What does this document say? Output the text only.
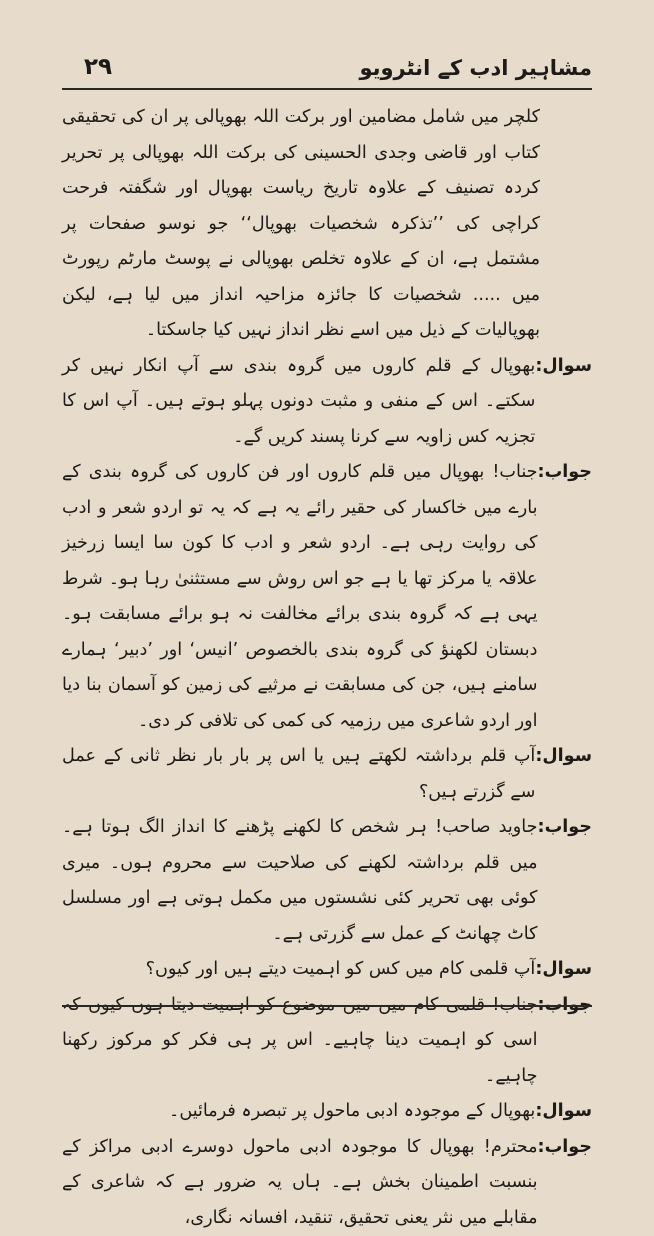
مشاہیر ادب کے انٹرویو
۲۹

کلچر میں شامل مضامین اور برکت اللہ بھوپالی پر ان کی تحقیقی کتاب اور قاضی وجدی الحسینی کی برکت اللہ بھوپالی پر تحریر کردہ تصنیف کے علاوہ تاریخ ریاست بھوپال اور شگفتہ فرحت کراچی کی ’’تذکرہ شخصیات بھوپال‘‘ جو نوسو صفحات پر مشتمل ہے، ان کے علاوہ تخلص بھوپالی نے پوسٹ مارٹم رپورٹ میں ..... شخصیات کا جائزہ مزاحیہ انداز میں لیا ہے، لیکن بھوپالیات کے ذیل میں اسے نظر انداز نہیں کیا جاسکتا۔

سوال:
بھوپال کے قلم کاروں میں گروہ بندی سے آپ انکار نہیں کر سکتے۔ اس کے منفی و مثبت دونوں پہلو ہوتے ہیں۔ آپ اس کا تجزیہ کس زاویہ سے کرنا پسند کریں گے۔
جواب:
جناب! بھوپال میں قلم کاروں اور فن کاروں کی گروہ بندی کے بارے میں خاکسار کی حقیر رائے یہ ہے کہ یہ تو اردو شعر و ادب کی روایت رہی ہے۔ اردو شعر و ادب کا کون سا ایسا زرخیز علاقہ یا مرکز تھا یا ہے جو اس روش سے مستثنیٰ رہا ہو۔ شرط یہی ہے کہ گروہ بندی برائے مخالفت نہ ہو برائے مسابقت ہو۔ دبستان لکھنؤ کی گروہ بندی بالخصوص ’انیس‘ اور ’دبیر‘ ہمارے سامنے ہیں، جن کی مسابقت نے مرثیے کی زمین کو آسمان بنا دیا اور اردو شاعری میں رزمیہ کی کمی کی تلافی کر دی۔
سوال:
آپ قلم برداشتہ لکھتے ہیں یا اس پر بار بار نظر ثانی کے عمل سے گزرتے ہیں؟
جواب:
جاوید صاحب! ہر شخص کا لکھنے پڑھنے کا انداز الگ ہوتا ہے۔ میں قلم برداشتہ لکھنے کی صلاحیت سے محروم ہوں۔ میری کوئی بھی تحریر کئی نشستوں میں مکمل ہوتی ہے اور مسلسل کاٹ چھانٹ کے عمل سے گزرتی ہے۔
سوال:
آپ قلمی کام میں کس کو اہمیت دیتے ہیں اور کیوں؟
جواب:
جناب! قلمی کام میں میں موضوع کو اہمیت دیتا ہوں کیوں کہ اسی کو اہمیت دینا چاہیے۔ اس پر ہی فکر کو مرکوز رکھنا چاہیے۔
سوال:
بھوپال کے موجودہ ادبی ماحول پر تبصرہ فرمائیں۔
جواب:
محترم! بھوپال کا موجودہ ادبی ماحول دوسرے ادبی مراکز کے بنسبت اطمینان بخش ہے۔ ہاں یہ ضرور ہے کہ شاعری کے مقابلے میں نثر یعنی تحقیق، تنقید، افسانہ نگاری،
